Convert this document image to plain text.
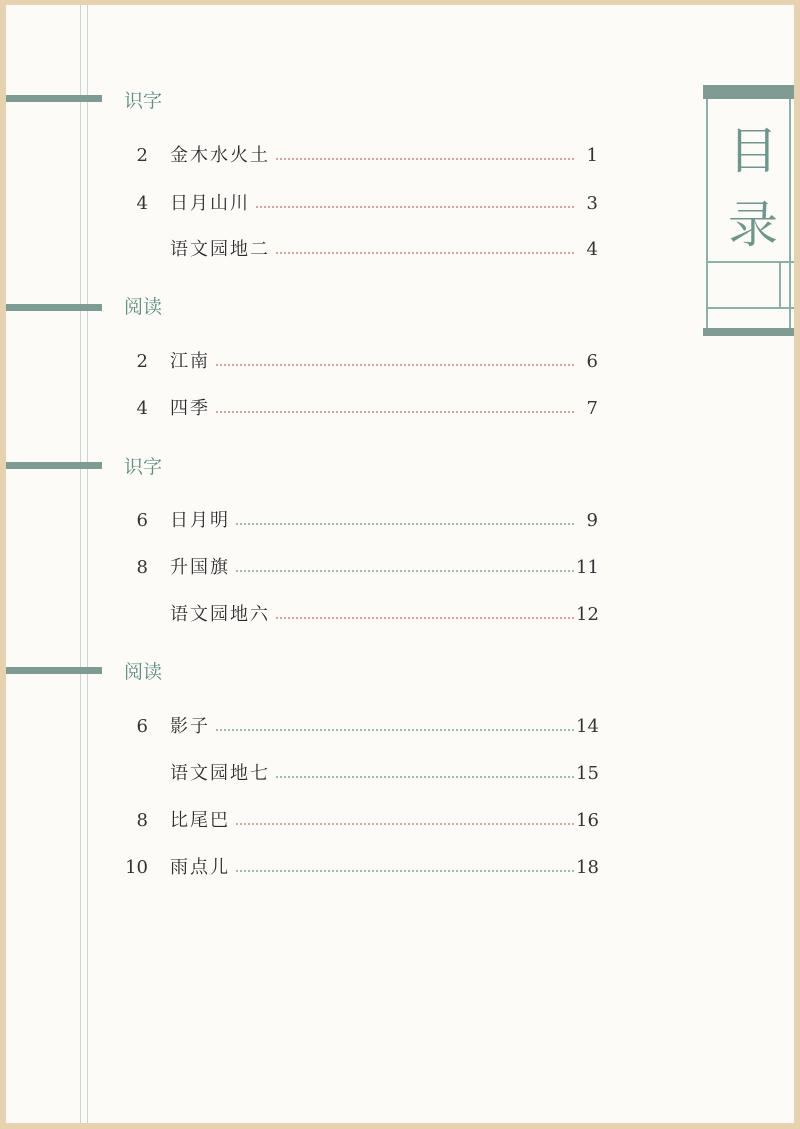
目
录
识字
2 金木水火土	1
4 日月山川	3
语文园地二	4
阅读
2 江南	6
4 四季	7
识字
6 日月明	9
8 升国旗	11
语文园地六	12
阅读
6 影子	14
语文园地七	15
8 比尾巴	16
10 雨点儿	18
